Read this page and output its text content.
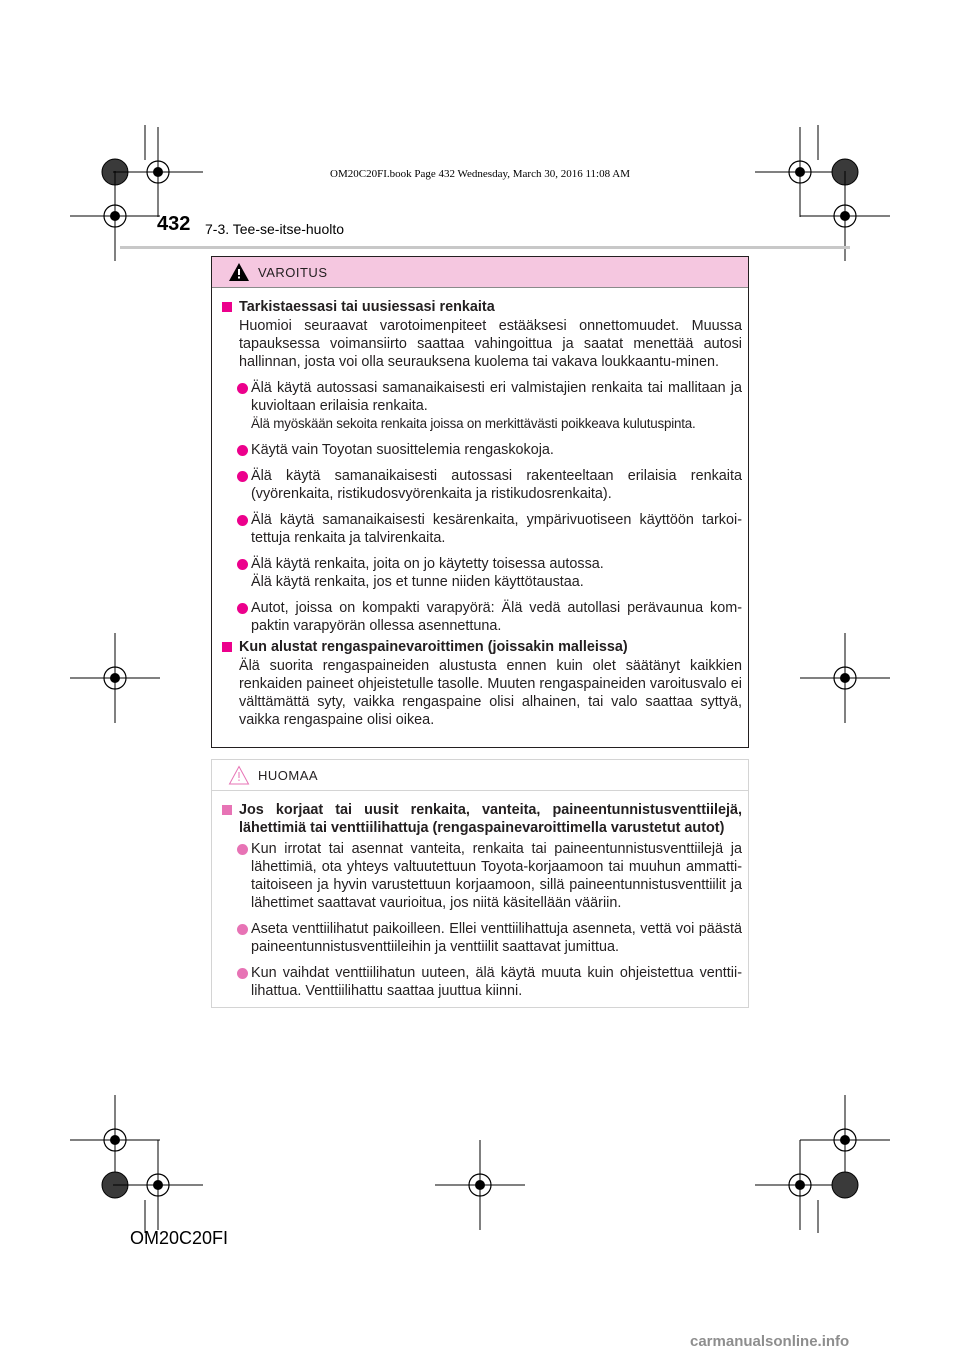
OM20C20FI.book Page 432 Wednesday, March 30, 2016 11:08 AM
432 7-3. Tee-se-itse-huolto
VAROITUS

Tarkistaessasi tai uusiessasi renkaita

Huomioi seuraavat varotoimenpiteet estääksesi onnettomuudet. Muussa tapauksessa voimansiirto saattaa vahingoittua ja saatat menettää autosi hallinnan, josta voi olla seurauksena kuolema tai vakava loukkaantu-minen.

Älä käytä autossasi samanaikaisesti eri valmistajien renkaita tai mallitaan ja kuvioltaan erilaisia renkaita.
Älä myöskään sekoita renkaita joissa on merkittävästi poikkeava kulutuspinta.
Käytä vain Toyotan suosittelemia rengaskokoja.
Älä käytä samanaikaisesti autossasi rakenteeltaan erilaisia renkaita (vyörenkaita, ristikudosvyörenkaita ja ristikudosrenkaita).
Älä käytä samanaikaisesti kesärenkaita, ympärivuotiseen käyttöön tarkoi-tettuja renkaita ja talvirenkaita.
Älä käytä renkaita, joita on jo käytetty toisessa autossa.
Älä käytä renkaita, jos et tunne niiden käyttötaustaa.
Autot, joissa on kompakti varapyörä: Älä vedä autollasi perävaunua kom-paktin varapyörän ollessa asennettuna.

Kun alustat rengaspainevaroittimen (joissakin malleissa)

Älä suorita rengaspaineiden alustusta ennen kuin olet säätänyt kaikkien renkaiden paineet ohjeistetulle tasolle. Muuten rengaspaineiden varoitusvalo ei välttämättä syty, vaikka rengaspaine olisi alhainen, tai valo saattaa syttyä, vaikka rengaspaine olisi oikea.

HUOMAA

Jos korjaat tai uusit renkaita, vanteita, paineentunnistusventtiilejä, lähettimiä tai venttiilihattuja (rengaspainevaroittimella varustetut autot)

Kun irrotat tai asennat vanteita, renkaita tai paineentunnistusventtiilejä ja lähettimiä, ota yhteys valtuutettuun Toyota-korjaamoon tai muuhun ammatti-taitoiseen ja hyvin varustettuun korjaamoon, sillä paineentunnistusventtiilit ja lähettimet saattavat vaurioitua, jos niitä käsitellään vääriin.
Aseta venttiilihatut paikoilleen. Ellei venttiilihattuja asenneta, vettä voi päästä paineentunnistusventtiileihin ja venttiilit saattavat jumittua.
Kun vaihdat venttiilihatun uuteen, älä käytä muuta kuin ohjeistettua venttii-lihattua. Venttiilihattu saattaa juuttua kiinni.
OM20C20FI
carmanualsonline.info
